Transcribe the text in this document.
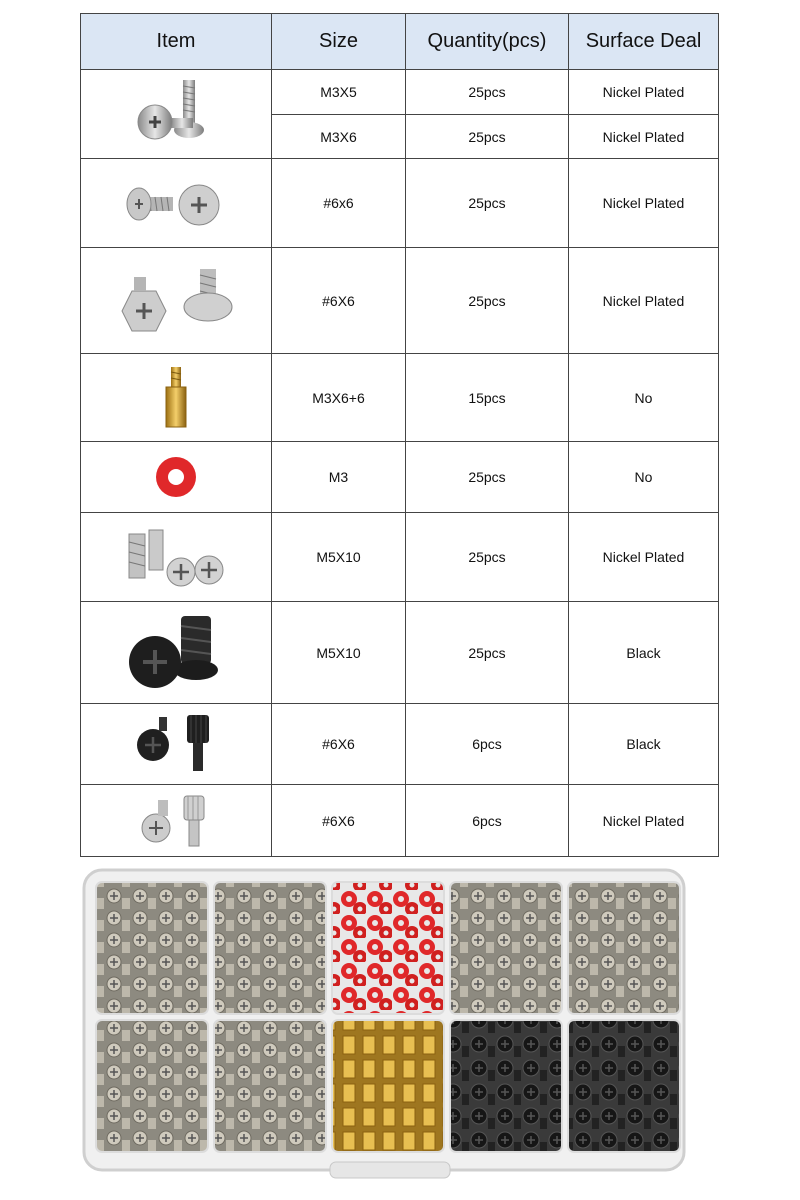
Item	Size	Quantity(pcs)	Surface Deal

	M3X5	25pcs	Nickel Plated
	M3X6	25pcs	Nickel Plated

	#6x6	25pcs	Nickel Plated

	#6X6	25pcs	Nickel Plated

	M3X6+6	15pcs	No

	M3	25pcs	No

	M5X10	25pcs	Nickel Plated

	M5X10	25pcs	Black

	#6X6	6pcs	Black

	#6X6	6pcs	Nickel Plated
